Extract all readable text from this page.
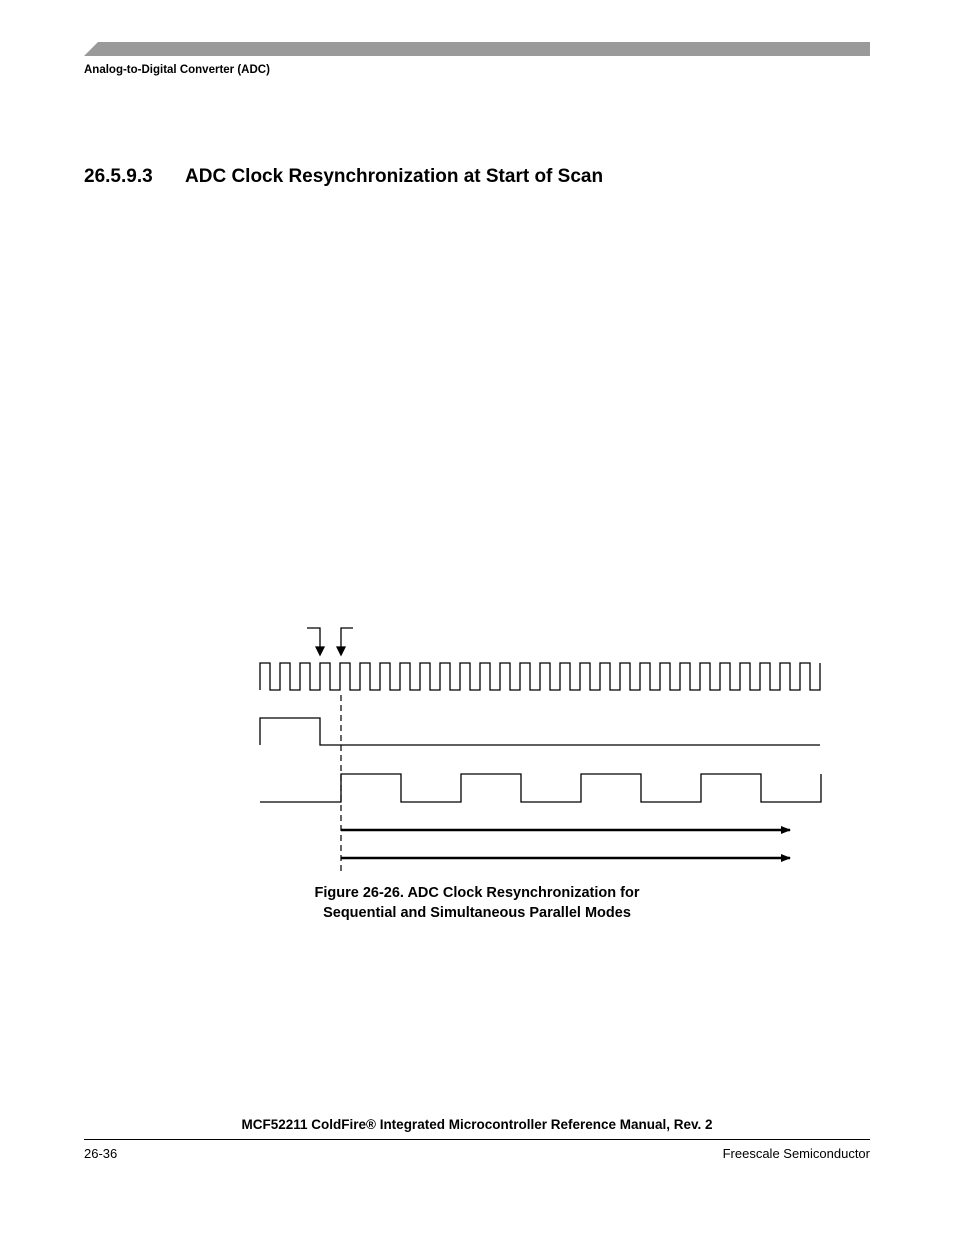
Analog-to-Digital Converter (ADC)
26.5.9.3 ADC Clock Resynchronization at Start of Scan
Figure 26-26. ADC Clock Resynchronization for
Sequential and Simultaneous Parallel Modes
MCF52211 ColdFire® Integrated Microcontroller Reference Manual, Rev. 2
26-36	Freescale Semiconductor
